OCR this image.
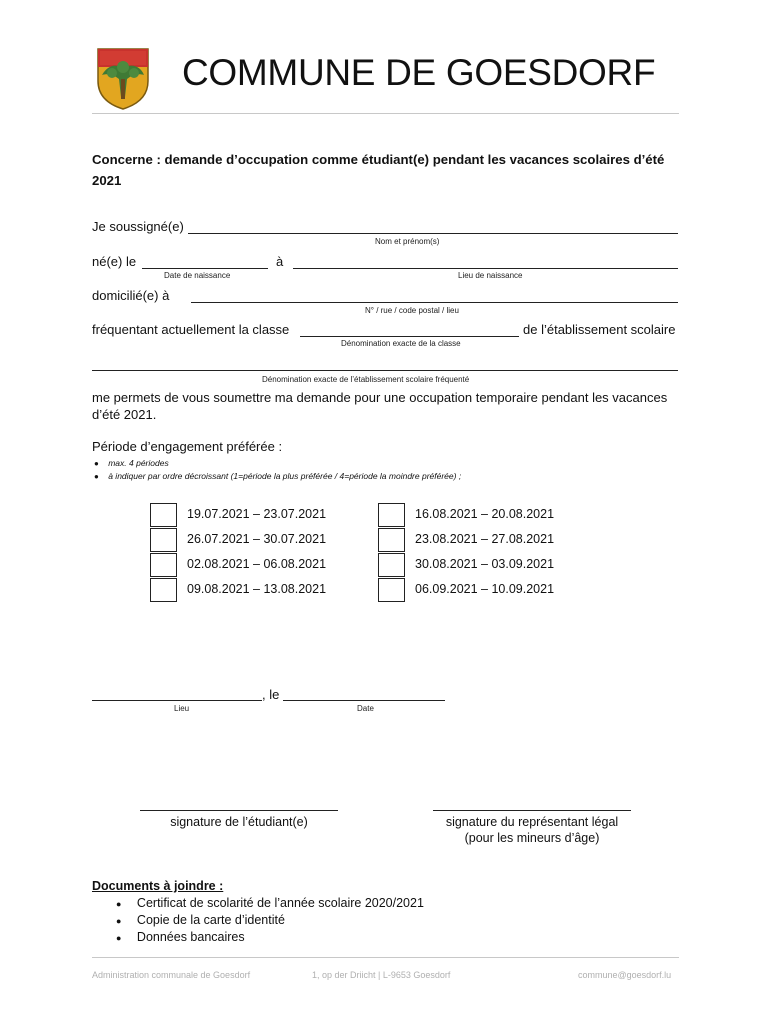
COMMUNE DE GOESDORF
Concerne : demande d’occupation comme étudiant(e) pendant les vacances scolaires d’été 2021
Je soussigné(e)
Nom et prénom(s)
né(e) le	à
Date de naissance	Lieu de naissance
domicilié(e) à
N° / rue / code postal / lieu
fréquentant actuellement la classe	de l’établissement scolaire
Dénomination exacte de la classe
Dénomination exacte de l’établissement scolaire fréquenté
me permets de vous soumettre ma demande pour une occupation temporaire pendant les vacances d’été 2021.
Période d’engagement préférée :
● max. 4 périodes
● à indiquer par ordre décroissant (1=période la plus préférée / 4=période la moindre préférée) ;
19.07.2021 – 23.07.2021
26.07.2021 – 30.07.2021
02.08.2021 – 06.08.2021
09.08.2021 – 13.08.2021
16.08.2021 – 20.08.2021
23.08.2021 – 27.08.2021
30.08.2021 – 03.09.2021
06.09.2021 – 10.09.2021
, le
Lieu	Date
signature de l’étudiant(e)	signature du représentant légal
(pour les mineurs d’âge)
Documents à joindre :
● Certificat de scolarité de l’année scolaire 2020/2021
● Copie de la carte d’identité
● Données bancaires
Administration communale de Goesdorf	1, op der Driicht | L-9653 Goesdorf	commune@goesdorf.lu
